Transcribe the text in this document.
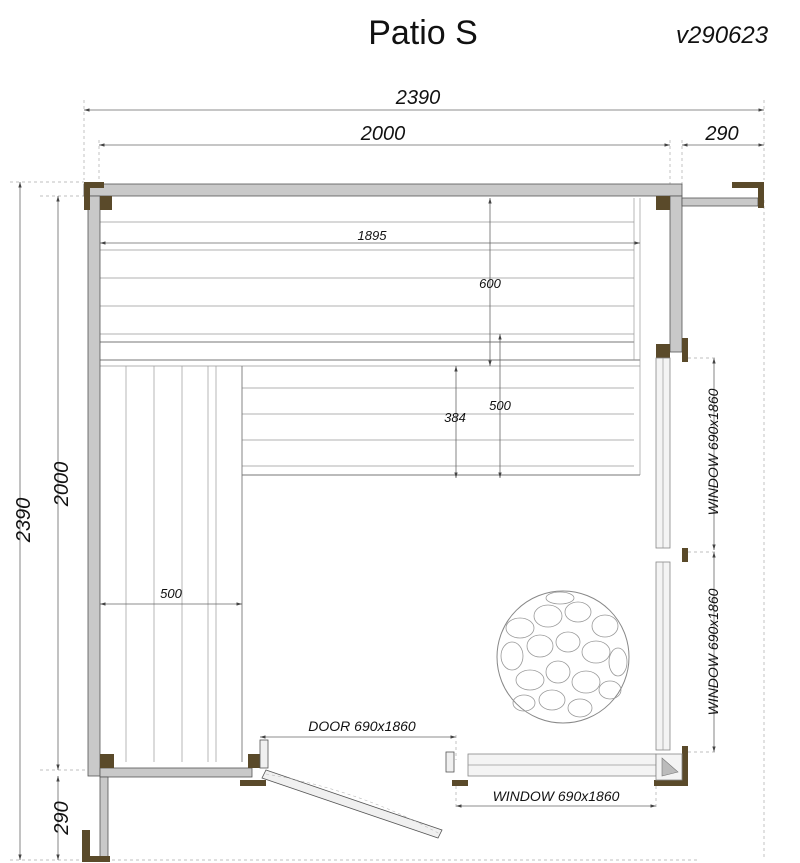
Patio S	v290623
2390
2000	290
2390
2000
290
1895
600
500
384
500
DOOR 690x1860
WINDOW 690x1860
WINDOW 690x1860
WINDOW 690x1860
